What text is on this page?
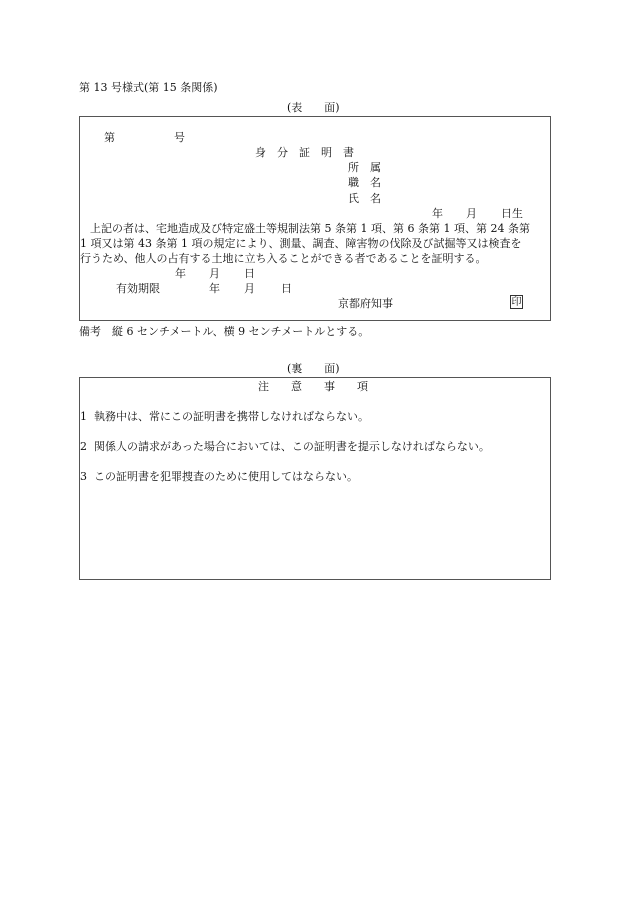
第 13 号様式(第 15 条関係)
(表　　面)
第	号
身　分　証　明　書
所　属
職　名
氏　名
年 月 日生
上記の者は、宅地造成及び特定盛土等規制法第 5 条第 1 項、第 6 条第 1 項、第 24 条第
1 項又は第 43 条第 1 項の規定により、測量、調査、障害物の伐除及び試掘等又は検査を
行うため、他人の占有する土地に立ち入ることができる者であることを証明する。
年 月 日
有効期限	年 月 日
京都府知事	印
備考　縦 6 センチメートル、横 9 センチメートルとする。
(裏　　面)
注　　意　　事　　項
1 執務中は、常にこの証明書を携帯しなければならない。
2 関係人の請求があった場合においては、この証明書を提示しなければならない。
3 この証明書を犯罪捜査のために使用してはならない。
